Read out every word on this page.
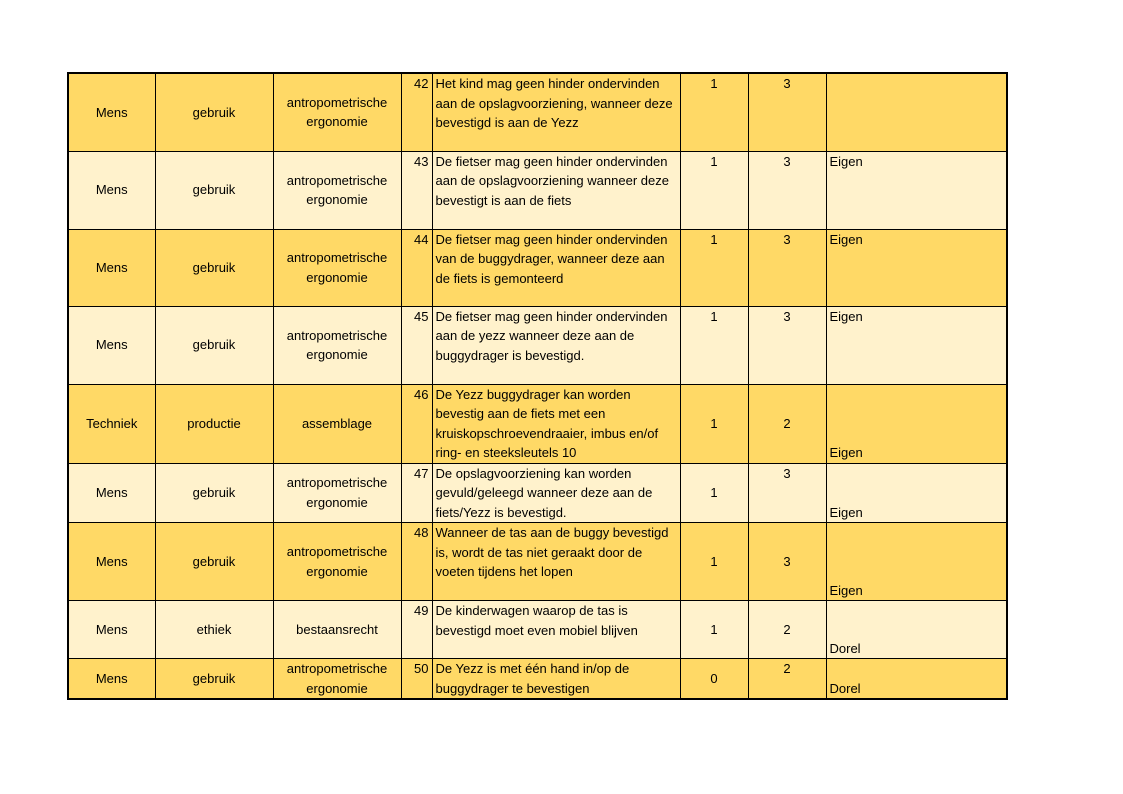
Mens	gebruik	antropometrische ergonomie	42	Het kind mag geen hinder ondervinden aan de opslagvoorziening, wanneer deze bevestigd is aan de Yezz	1	3	
Mens	gebruik	antropometrische ergonomie	43	De fietser mag geen hinder ondervinden aan de opslagvoorziening wanneer deze bevestigt is aan de fiets	1	3	Eigen
Mens	gebruik	antropometrische ergonomie	44	De fietser mag geen hinder ondervinden van de buggydrager, wanneer deze aan de fiets is gemonteerd	1	3	Eigen
Mens	gebruik	antropometrische ergonomie	45	De fietser mag geen hinder ondervinden aan de yezz wanneer deze aan de buggydrager is bevestigd.	1	3	Eigen
Techniek	productie	assemblage	46	De Yezz buggydrager kan worden bevestig aan de fiets met een kruiskopschroevendraaier, imbus en/of ring- en steeksleutels 10	1	2	Eigen
Mens	gebruik	antropometrische ergonomie	47	De opslagvoorziening kan worden gevuld/geleegd wanneer deze aan de fiets/Yezz is bevestigd.	1	3	Eigen
Mens	gebruik	antropometrische ergonomie	48	Wanneer de tas aan de buggy bevestigd is, wordt de tas niet geraakt door de voeten tijdens het lopen	1	3	Eigen
Mens	ethiek	bestaansrecht	49	De kinderwagen waarop de tas is bevestigd moet even mobiel blijven	1	2	Dorel
Mens	gebruik	antropometrische ergonomie	50	De Yezz is met één hand in/op de buggydrager te bevestigen	0	2	Dorel
